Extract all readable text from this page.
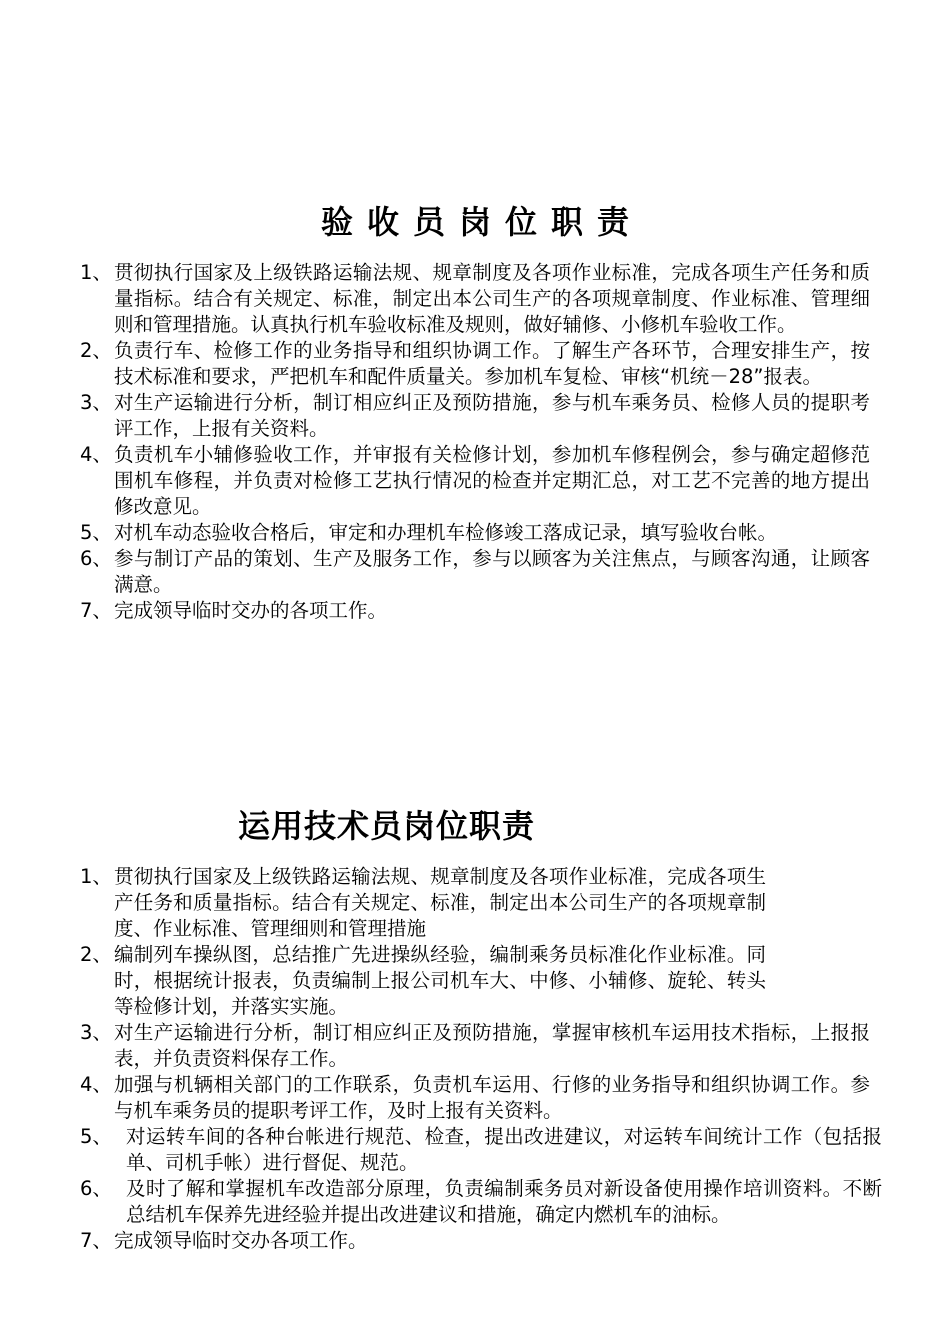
验收员岗位职责
1、 贯彻执行国家及上级铁路运输法规、规章制度及各项作业标准，完成各项生产任务和质量指标。结合有关规定、标准，制定出本公司生产的各项规章制度、作业标准、管理细则和管理措施。认真执行机车验收标准及规则，做好辅修、小修机车验收工作。
2、 负责行车、检修工作的业务指导和组织协调工作。了解生产各环节，合理安排生产，按技术标准和要求，严把机车和配件质量关。参加机车复检、审核“机统－28”报表。
3、 对生产运输进行分析，制订相应纠正及预防措施，参与机车乘务员、检修人员的提职考评工作，上报有关资料。
4、 负责机车小辅修验收工作，并审报有关检修计划，参加机车修程例会，参与确定超修范围机车修程，并负责对检修工艺执行情况的检查并定期汇总，对工艺不完善的地方提出修改意见。
5、 对机车动态验收合格后，审定和办理机车检修竣工落成记录，填写验收台帐。
6、 参与制订产品的策划、生产及服务工作，参与以顾客为关注焦点，与顾客沟通，让顾客满意。
7、 完成领导临时交办的各项工作。
运用技术员岗位职责
1、 贯彻执行国家及上级铁路运输法规、规章制度及各项作业标准，完成各项生产任务和质量指标。结合有关规定、标准，制定出本公司生产的各项规章制度、作业标准、管理细则和管理措施
2、 编制列车操纵图，总结推广先进操纵经验，编制乘务员标准化作业标准。同时，根据统计报表，负责编制上报公司机车大、中修、小辅修、旋轮、转头等检修计划，并落实实施。
3、 对生产运输进行分析，制订相应纠正及预防措施，掌握审核机车运用技术指标，上报报表，并负责资料保存工作。
4、 加强与机辆相关部门的工作联系，负责机车运用、行修的业务指导和组织协调工作。参与机车乘务员的提职考评工作，及时上报有关资料。
5、 对运转车间的各种台帐进行规范、检查，提出改进建议，对运转车间统计工作（包括报单、司机手帐）进行督促、规范。
6、 及时了解和掌握机车改造部分原理，负责编制乘务员对新设备使用操作培训资料。不断总结机车保养先进经验并提出改进建议和措施，确定内燃机车的油标。
7、 完成领导临时交办各项工作。
